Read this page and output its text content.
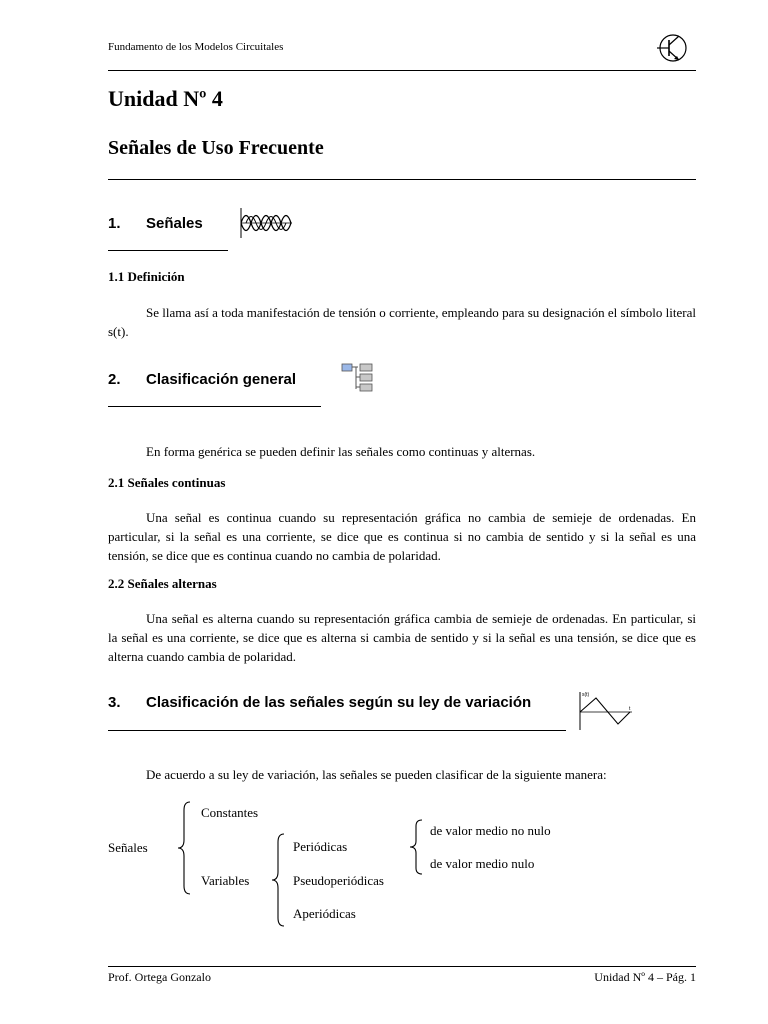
Fundamento de los Modelos Circuitales
Unidad Nº 4
Señales de Uso Frecuente
1. Señales
1.1 Definición
Se llama así a toda manifestación de tensión o corriente, empleando para su designación el símbolo literal s(t).
2. Clasificación general
En forma genérica se pueden definir las señales como continuas y alternas.
2.1 Señales continuas
Una señal es continua cuando su representación gráfica no cambia de semieje de ordenadas. En particular, si la señal es una corriente, se dice que es continua si no cambia de sentido y si la señal es una tensión, se dice que es continua cuando no cambia de polaridad.
2.2 Señales alternas
Una señal es alterna cuando su representación gráfica cambia de semieje de ordenadas. En particular, si la señal es una corriente, se dice que es alterna si cambia de sentido y si la señal es una tensión, se dice que es alterna cuando cambia de polaridad.
3. Clasificación de las señales según su ley de variación	s(t)
t
De acuerdo a su ley de variación, las señales se pueden clasificar de la siguiente manera:
Señales
Constantes
Variables
Periódicas
Pseudoperiódicas
Aperiódicas
de valor medio no nulo
de valor medio nulo
Prof. Ortega Gonzalo	Unidad Nº 4 – Pág. 1
